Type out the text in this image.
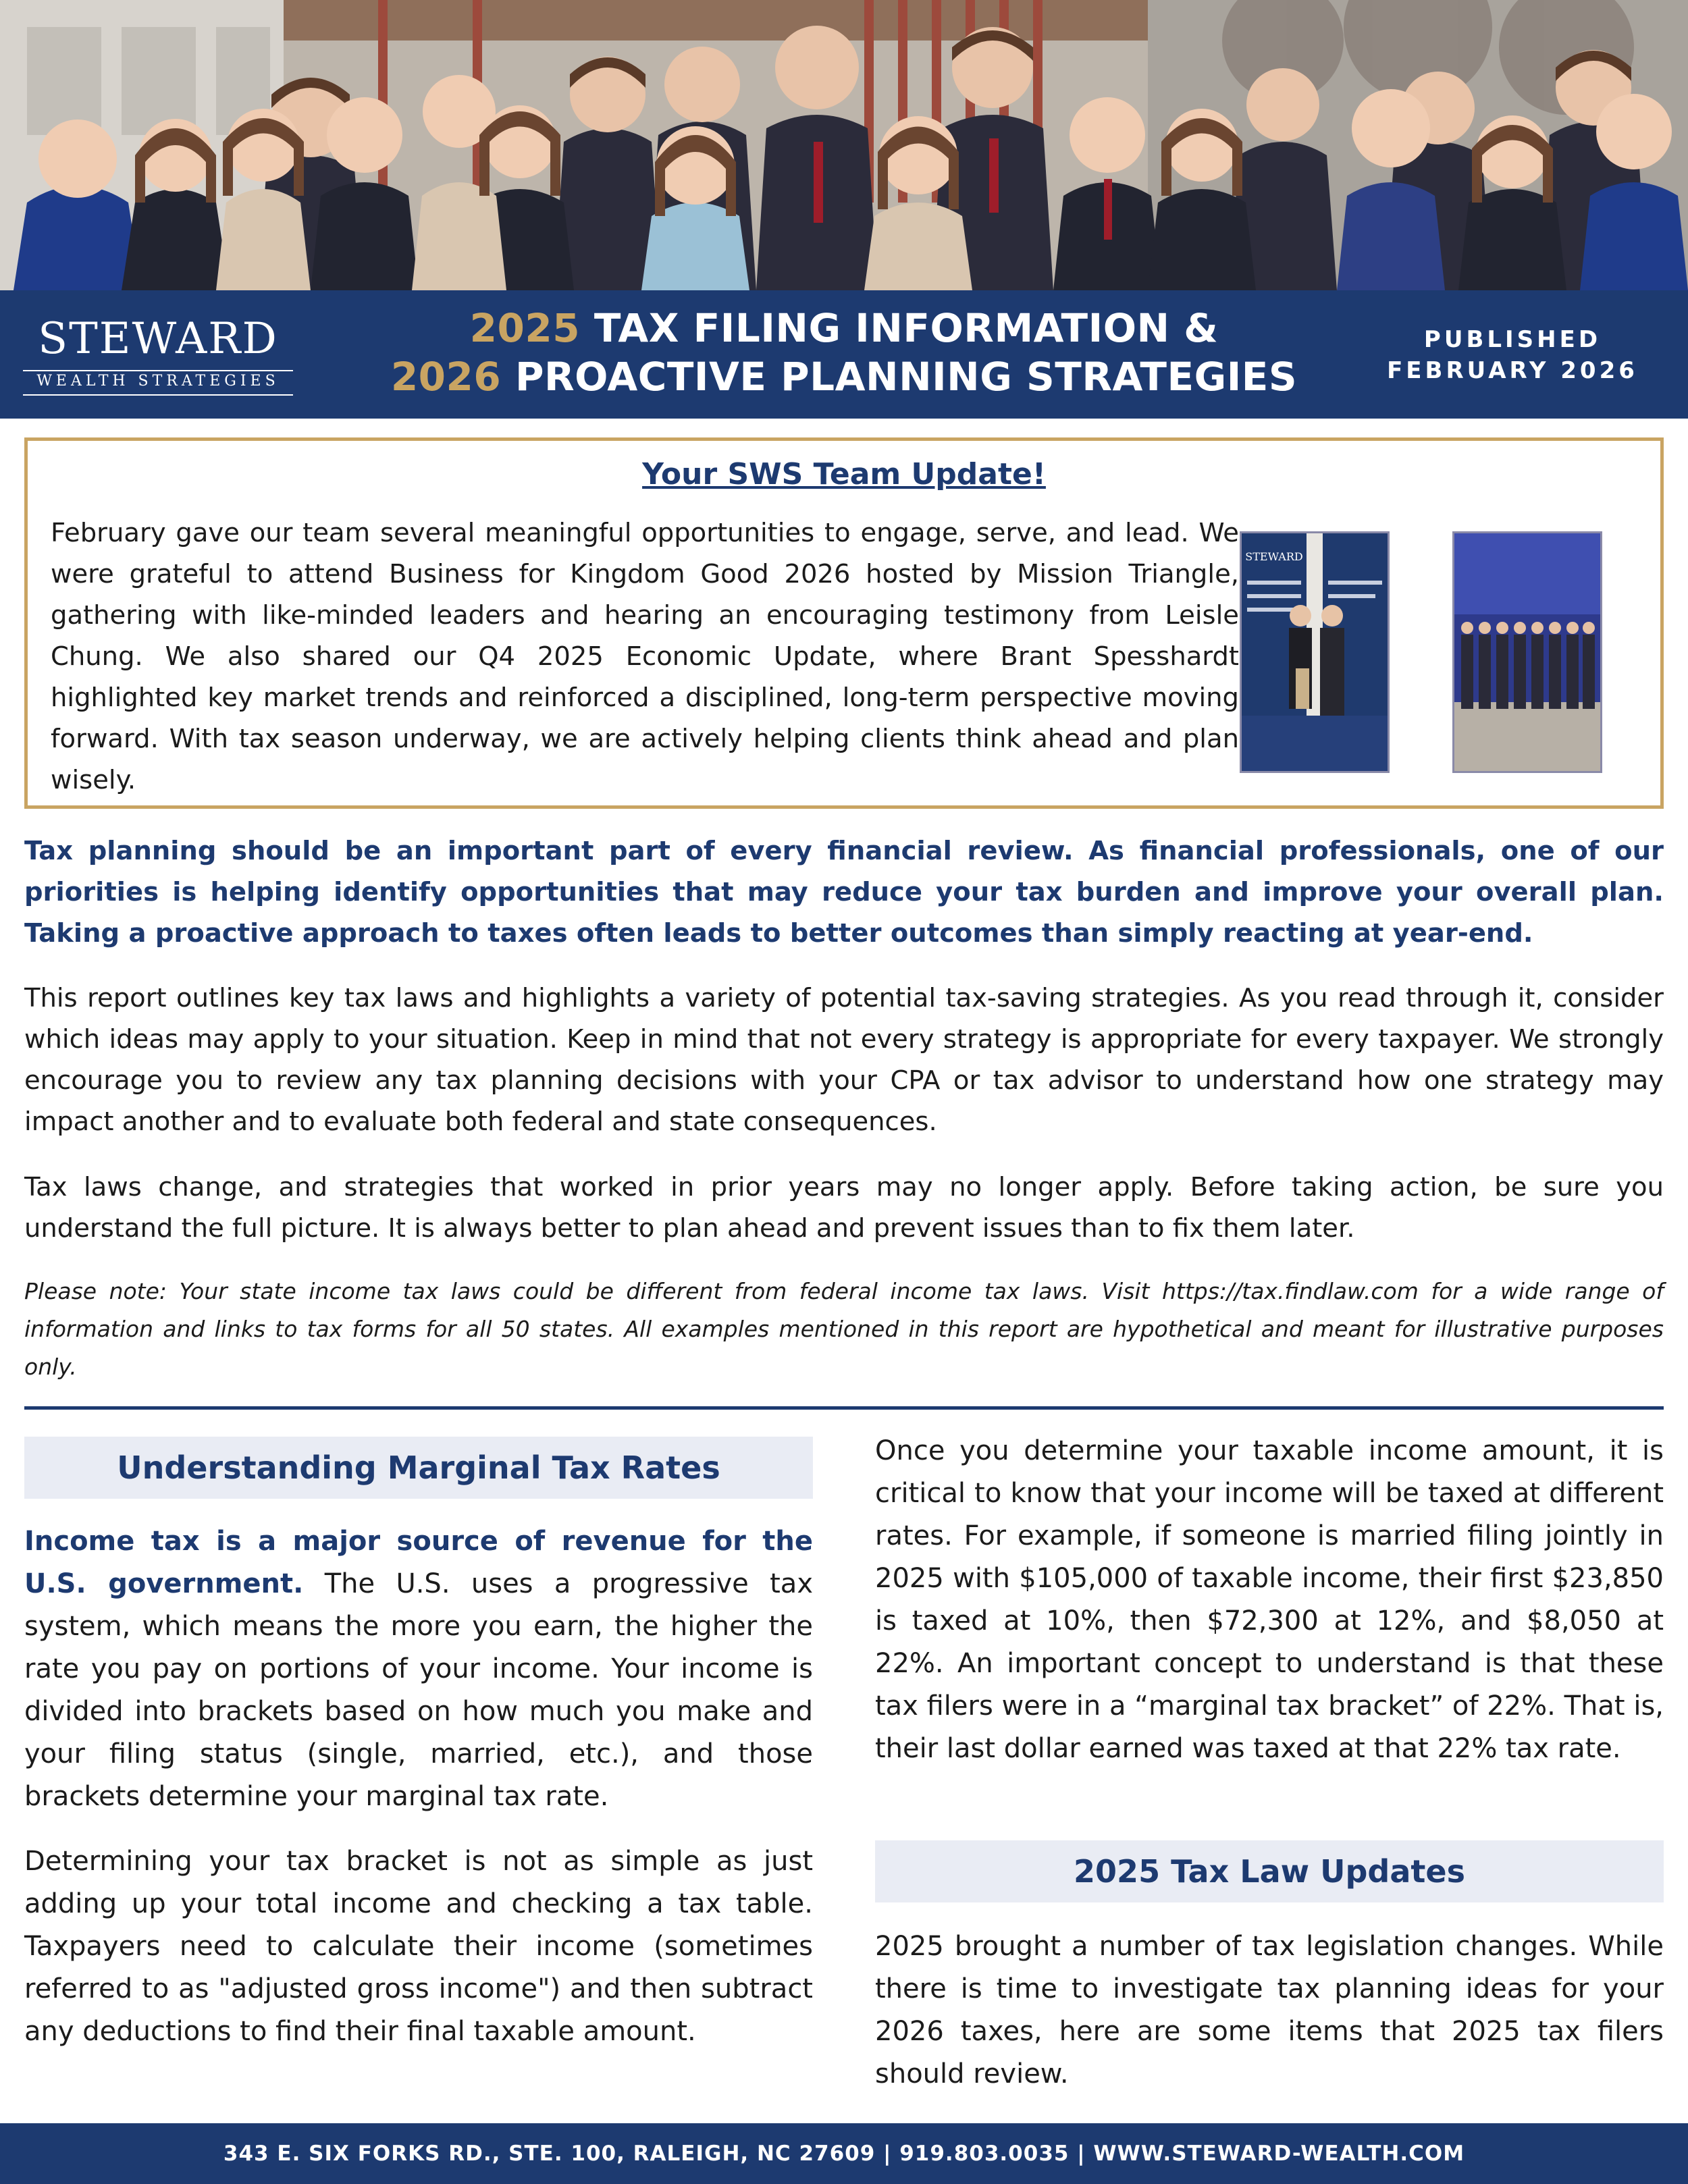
STEWARD
WEALTH STRATEGIES
2025 TAX FILING INFORMATION &
2026 PROACTIVE PLANNING STRATEGIES
PUBLISHED
FEBRUARY 2026
Your SWS Team Update!
February gave our team several meaningful opportunities to engage, serve, and lead. We were grateful to attend Business for Kingdom Good 2026 hosted by Mission Triangle, gathering with like-minded leaders and hearing an encouraging testimony from Leisle Chung. We also shared our Q4 2025 Economic Update, where Brant Spesshardt highlighted key market trends and reinforced a disciplined, long-term perspective moving forward. With tax season underway, we are actively helping clients think ahead and plan wisely.
STEWARD
Tax planning should be an important part of every financial review. As financial professionals, one of our priorities is helping identify opportunities that may reduce your tax burden and improve your overall plan. Taking a proactive approach to taxes often leads to better outcomes than simply reacting at year-end.
This report outlines key tax laws and highlights a variety of potential tax-saving strategies. As you read through it, consider which ideas may apply to your situation. Keep in mind that not every strategy is appropriate for every taxpayer. We strongly encourage you to review any tax planning decisions with your CPA or tax advisor to understand how one strategy may impact another and to evaluate both federal and state consequences.
Tax laws change, and strategies that worked in prior years may no longer apply. Before taking action, be sure you understand the full picture. It is always better to plan ahead and prevent issues than to fix them later.
Please note: Your state income tax laws could be different from federal income tax laws. Visit https://tax.findlaw.com for a wide range of information and links to tax forms for all 50 states. All examples mentioned in this report are hypothetical and meant for illustrative purposes only.
Understanding Marginal Tax Rates
Income tax is a major source of revenue for the U.S. government. The U.S. uses a progressive tax system, which means the more you earn, the higher the rate you pay on portions of your income. Your income is divided into brackets based on how much you make and your filing status (single, married, etc.), and those brackets determine your marginal tax rate.
Determining your tax bracket is not as simple as just adding up your total income and checking a tax table. Taxpayers need to calculate their income (sometimes referred to as "adjusted gross income") and then subtract any deductions to find their final taxable amount.
Once you determine your taxable income amount, it is critical to know that your income will be taxed at different rates. For example, if someone is married filing jointly in 2025 with $105,000 of taxable income, their first $23,850 is taxed at 10%, then $72,300 at 12%, and $8,050 at 22%. An important concept to understand is that these tax filers were in a “marginal tax bracket” of 22%. That is, their last dollar earned was taxed at that 22% tax rate.
2025 Tax Law Updates
2025 brought a number of tax legislation changes. While there is time to investigate tax planning ideas for your 2026 taxes, here are some items that 2025 tax filers should review.
343 E. SIX FORKS RD., STE. 100, RALEIGH, NC 27609 | 919.803.0035 | WWW.STEWARD-WEALTH.COM
